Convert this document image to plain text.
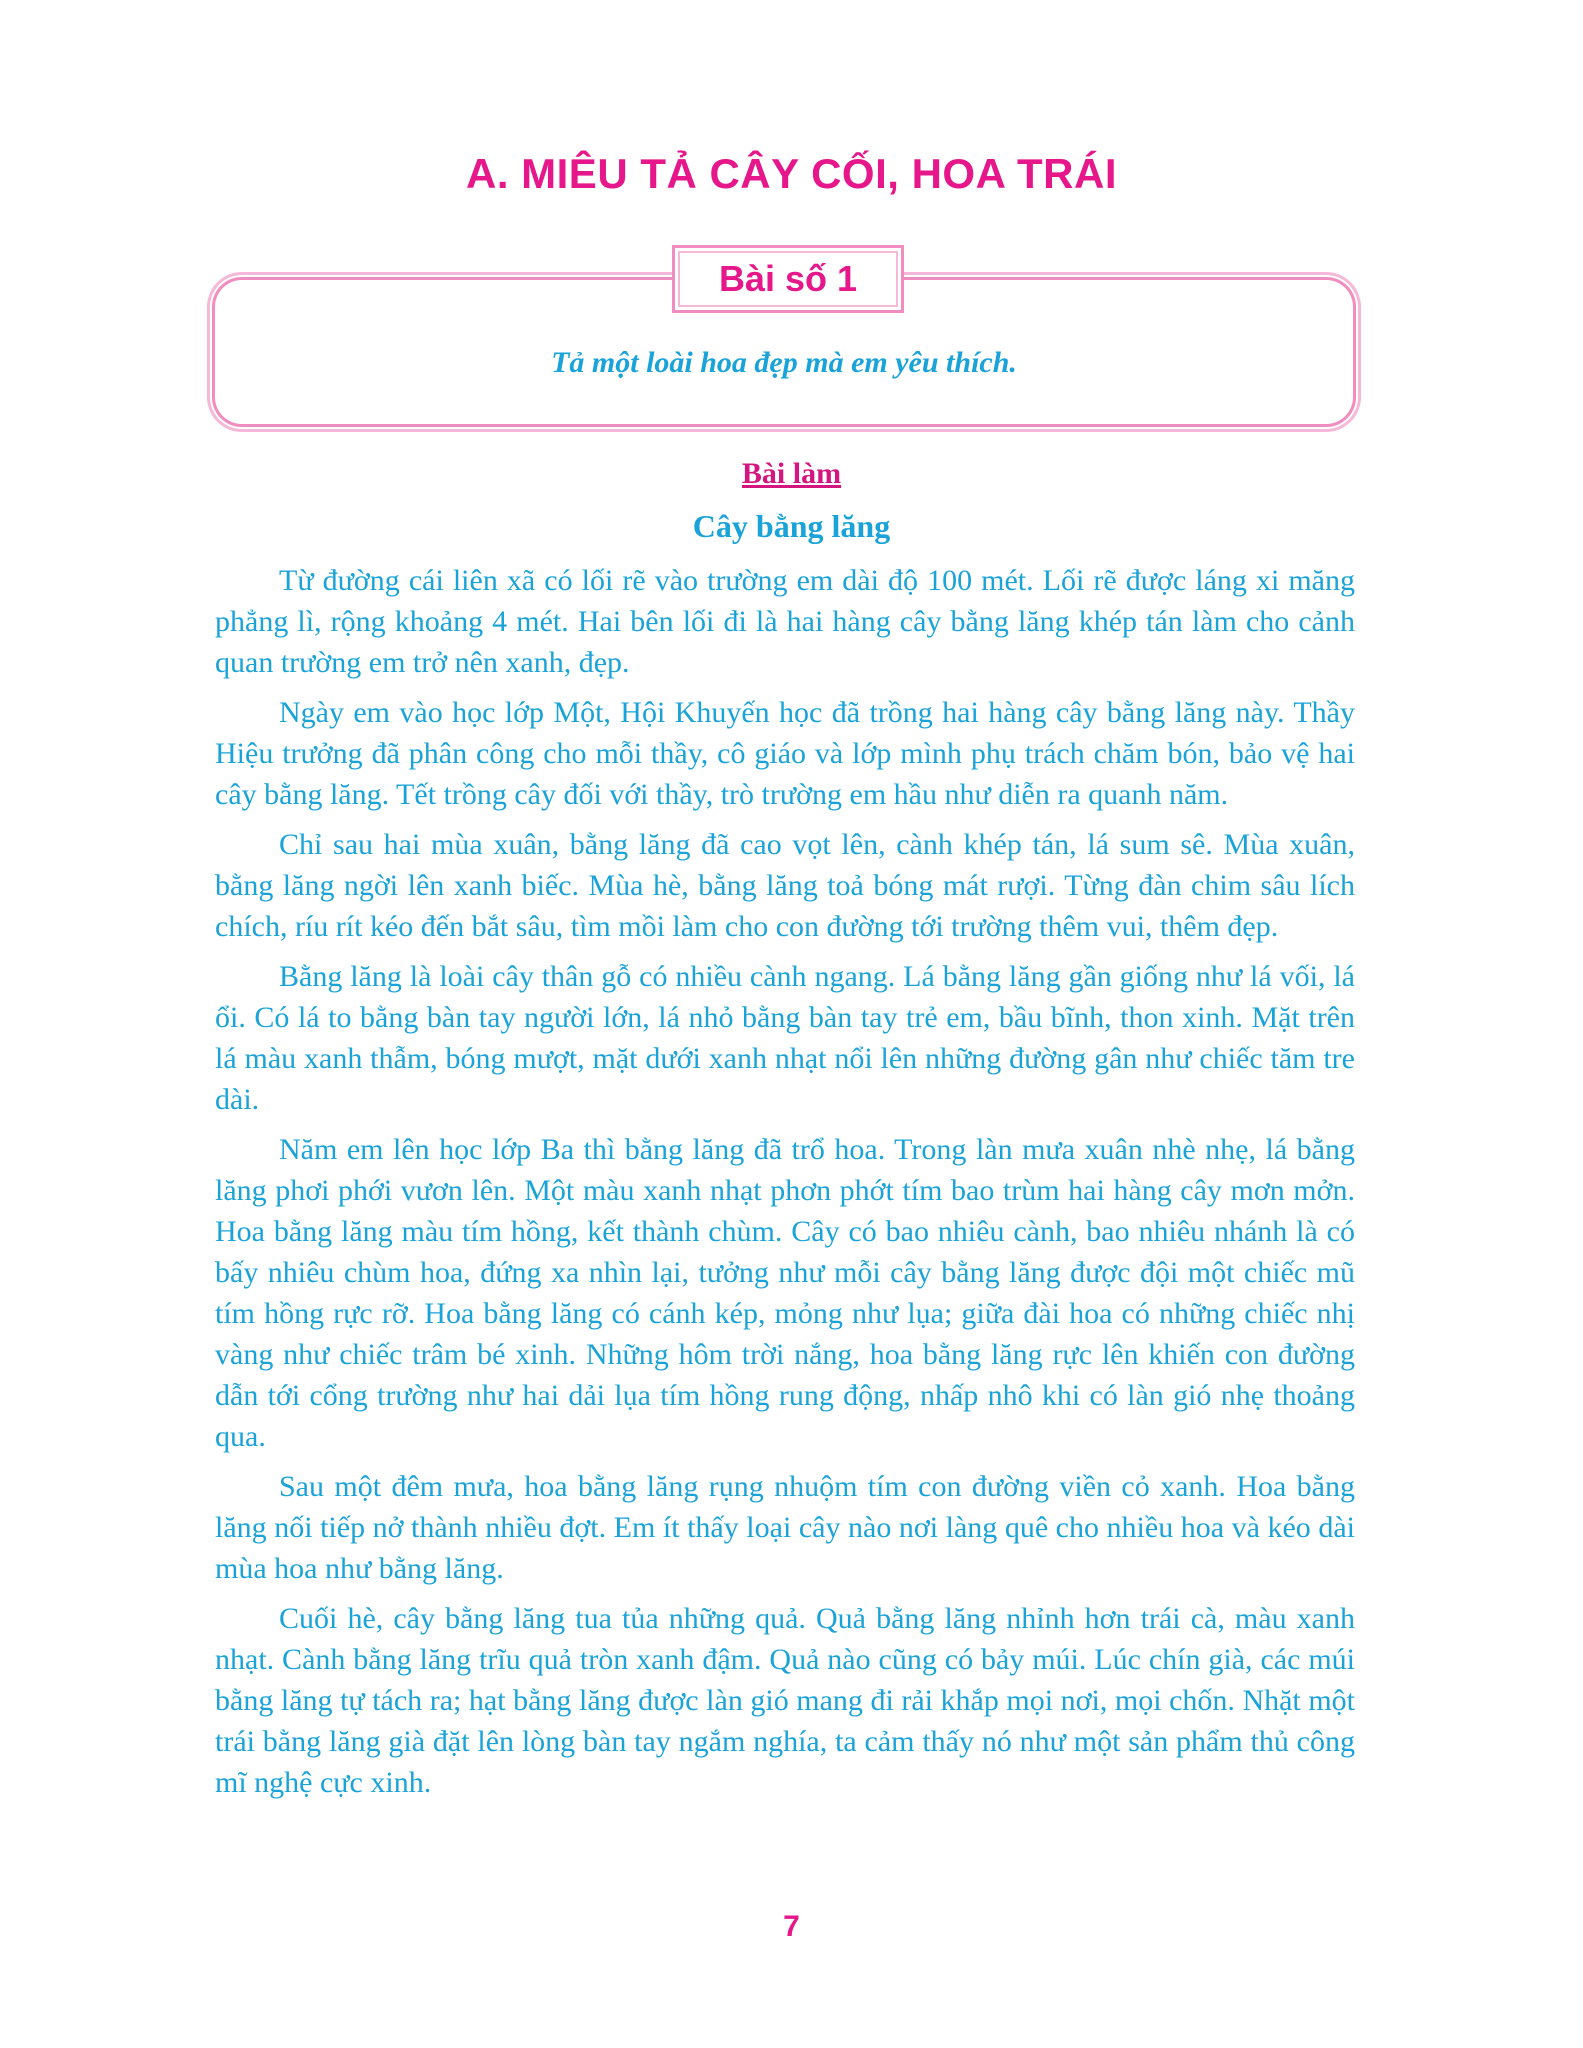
A. MIÊU TẢ CÂY CỐI, HOA TRÁI
Bài số 1
Tả một loài hoa đẹp mà em yêu thích.
Bài làm
Cây bằng lăng

Từ đường cái liên xã có lối rẽ vào trường em dài độ 100 mét. Lối rẽ được láng xi măng phẳng lì, rộng khoảng 4 mét. Hai bên lối đi là hai hàng cây bằng lăng khép tán làm cho cảnh quan trường em trở nên xanh, đẹp.

Ngày em vào học lớp Một, Hội Khuyến học đã trồng hai hàng cây bằng lăng này. Thầy Hiệu trưởng đã phân công cho mỗi thầy, cô giáo và lớp mình phụ trách chăm bón, bảo vệ hai cây bằng lăng. Tết trồng cây đối với thầy, trò trường em hầu như diễn ra quanh năm.

Chỉ sau hai mùa xuân, bằng lăng đã cao vọt lên, cành khép tán, lá sum sê. Mùa xuân, bằng lăng ngời lên xanh biếc. Mùa hè, bằng lăng toả bóng mát rượi. Từng đàn chim sâu lích chích, ríu rít kéo đến bắt sâu, tìm mồi làm cho con đường tới trường thêm vui, thêm đẹp.

Bằng lăng là loài cây thân gỗ có nhiều cành ngang. Lá bằng lăng gần giống như lá vối, lá ổi. Có lá to bằng bàn tay người lớn, lá nhỏ bằng bàn tay trẻ em, bầu bĩnh, thon xinh. Mặt trên lá màu xanh thẫm, bóng mượt, mặt dưới xanh nhạt nổi lên những đường gân như chiếc tăm tre dài.

Năm em lên học lớp Ba thì bằng lăng đã trổ hoa. Trong làn mưa xuân nhè nhẹ, lá bằng lăng phơi phới vươn lên. Một màu xanh nhạt phơn phớt tím bao trùm hai hàng cây mơn mởn. Hoa bằng lăng màu tím hồng, kết thành chùm. Cây có bao nhiêu cành, bao nhiêu nhánh là có bấy nhiêu chùm hoa, đứng xa nhìn lại, tưởng như mỗi cây bằng lăng được đội một chiếc mũ tím hồng rực rỡ. Hoa bằng lăng có cánh kép, mỏng như lụa; giữa đài hoa có những chiếc nhị vàng như chiếc trâm bé xinh. Những hôm trời nắng, hoa bằng lăng rực lên khiến con đường dẫn tới cổng trường như hai dải lụa tím hồng rung động, nhấp nhô khi có làn gió nhẹ thoảng qua.

Sau một đêm mưa, hoa bằng lăng rụng nhuộm tím con đường viền cỏ xanh. Hoa bằng lăng nối tiếp nở thành nhiều đợt. Em ít thấy loại cây nào nơi làng quê cho nhiều hoa và kéo dài mùa hoa như bằng lăng.

Cuối hè, cây bằng lăng tua tủa những quả. Quả bằng lăng nhỉnh hơn trái cà, màu xanh nhạt. Cành bằng lăng trĩu quả tròn xanh đậm. Quả nào cũng có bảy múi. Lúc chín già, các múi bằng lăng tự tách ra; hạt bằng lăng được làn gió mang đi rải khắp mọi nơi, mọi chốn. Nhặt một trái bằng lăng già đặt lên lòng bàn tay ngắm nghía, ta cảm thấy nó như một sản phẩm thủ công mĩ nghệ cực xinh.

7
